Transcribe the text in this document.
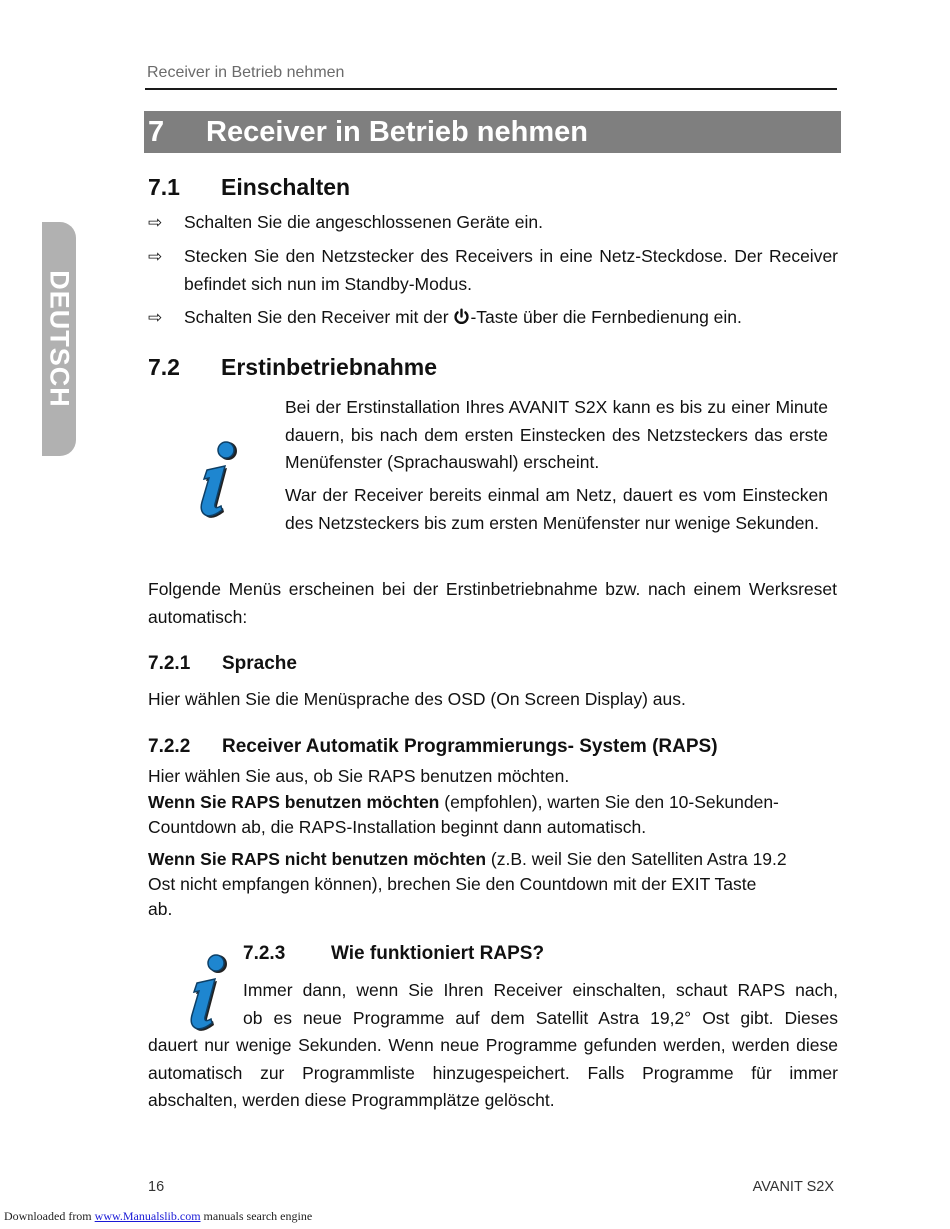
Receiver in Betrieb nehmen
7 Receiver in Betrieb nehmen
DEUTSCH
7.1 Einschalten
⇨ Schalten Sie die angeschlossenen Geräte ein.
⇨ Stecken Sie den Netzstecker des Receivers in eine Netz-Steckdose. Der Receiver befindet sich nun im Standby-Modus.
⇨ Schalten Sie den Receiver mit der -Taste über die Fernbedienung ein.
7.2 Erstinbetriebnahme
Bei der Erstinstallation Ihres AVANIT S2X kann es bis zu einer Minute dauern, bis nach dem ersten Einstecken des Netzsteckers das erste Menüfenster (Sprachauswahl) erscheint.
War der Receiver bereits einmal am Netz, dauert es vom Einstecken des Netzsteckers bis zum ersten Menüfenster nur wenige Sekunden.
Folgende Menüs erscheinen bei der Erstinbetriebnahme bzw. nach einem Werksreset automatisch:
7.2.1 Sprache
Hier wählen Sie die Menüsprache des OSD (On Screen Display) aus.
7.2.2 Receiver Automatik Programmierungs- System (RAPS)
Hier wählen Sie aus, ob Sie RAPS benutzen möchten.
Wenn Sie RAPS benutzen möchten (empfohlen), warten Sie den 10-Sekunden-
Countdown ab, die RAPS-Installation beginnt dann automatisch.
Wenn Sie RAPS nicht benutzen möchten (z.B. weil Sie den Satelliten Astra 19.2
Ost nicht empfangen können), brechen Sie den Countdown mit der EXIT Taste
ab.
7.2.3 Wie funktioniert RAPS?
Immer dann, wenn Sie Ihren Receiver einschalten, schaut RAPS nach,
ob es neue Programme auf dem Satellit Astra 19,2° Ost gibt. Dieses
dauert nur wenige Sekunden. Wenn neue Programme gefunden werden, werden diese automatisch zur Programmliste hinzugespeichert. Falls Programme für immer abschalten, werden diese Programmplätze gelöscht.
16	AVANIT S2X
Downloaded from www.Manualslib.com manuals search engine
